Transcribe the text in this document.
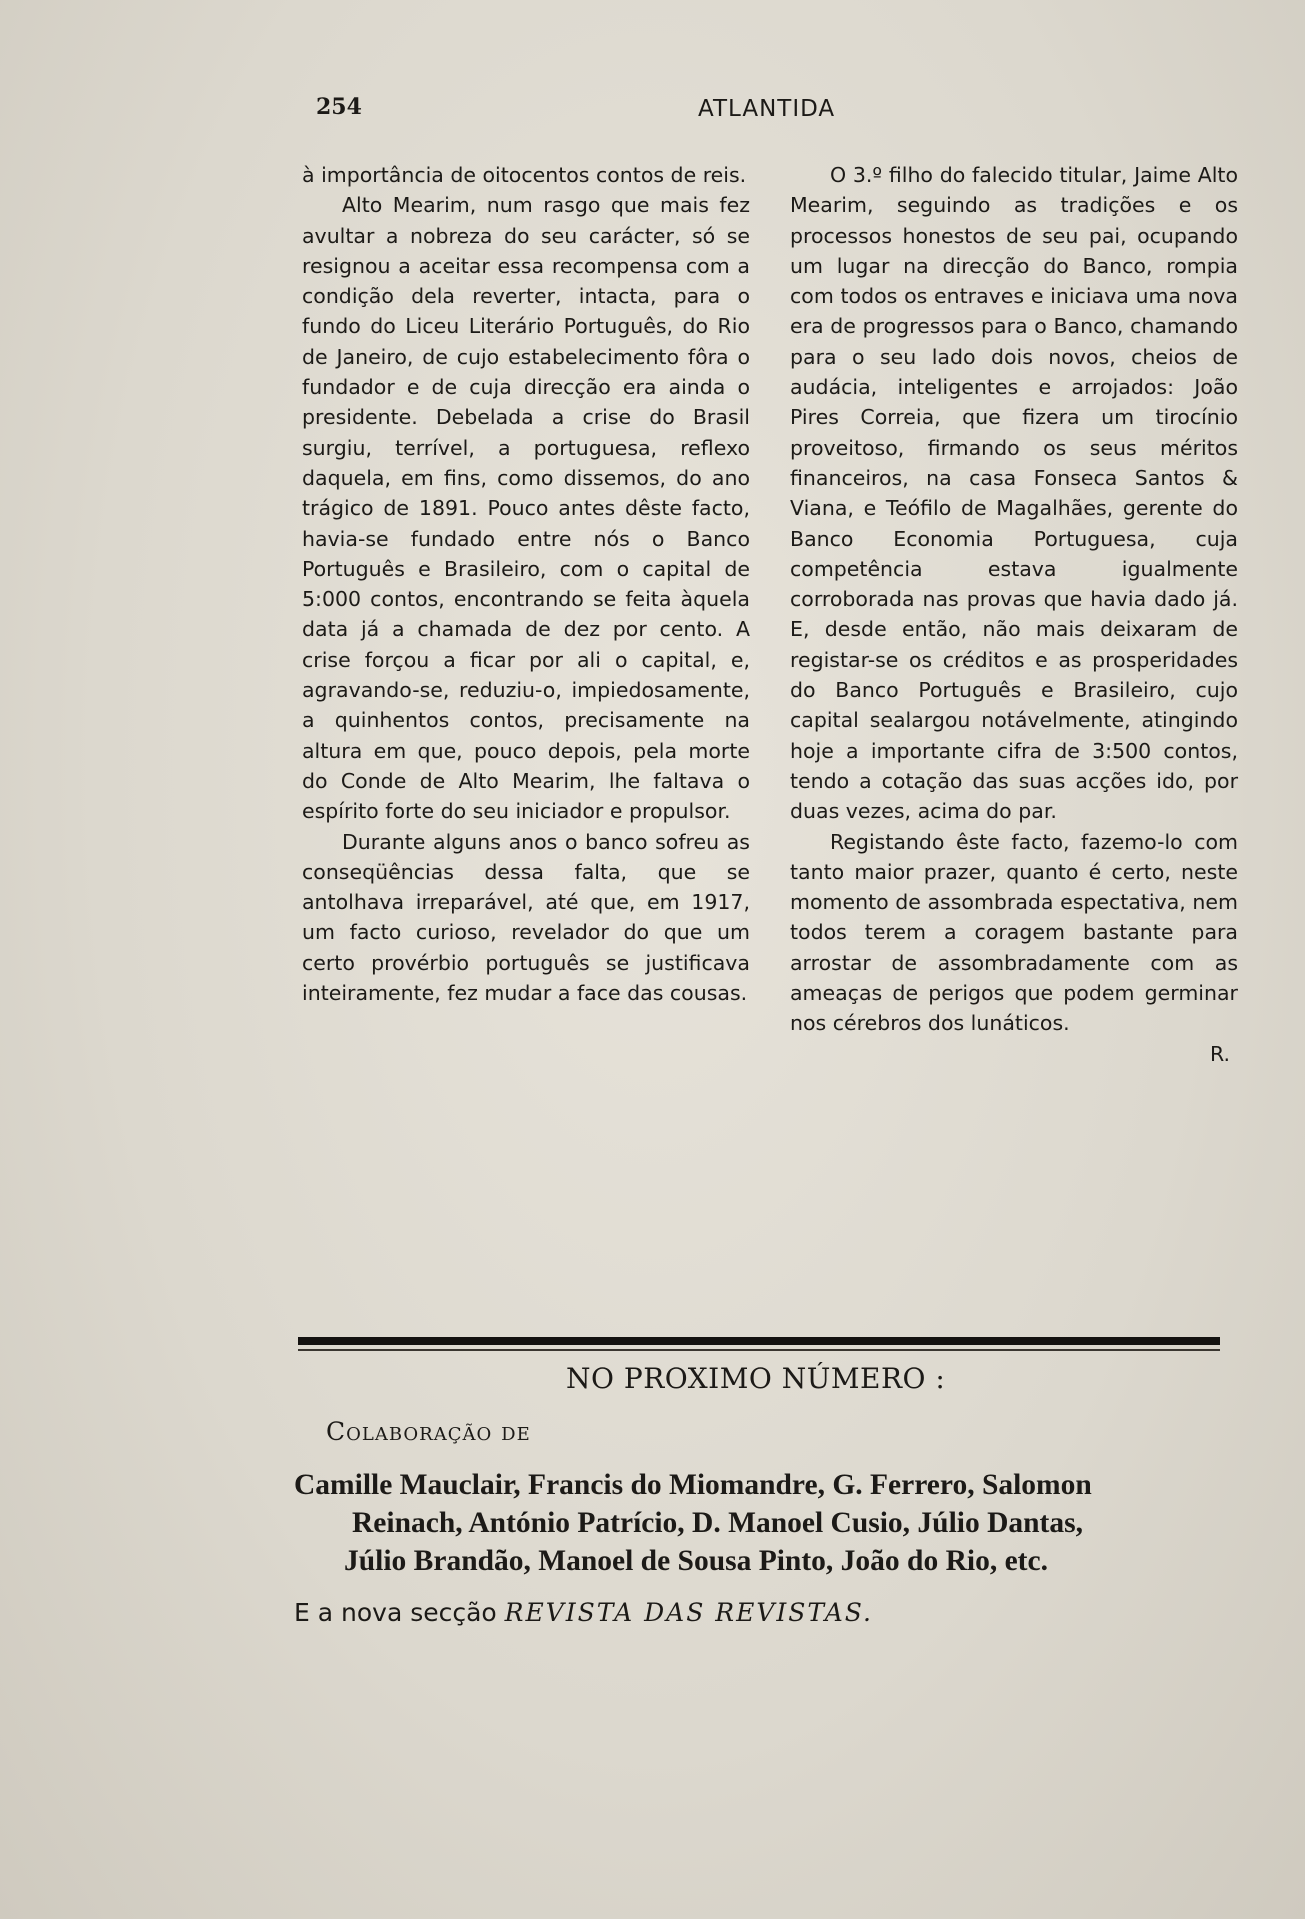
254	ATLANTIDA

à importância de oitocentos contos de reis.

Alto Mearim, num rasgo que mais fez avultar a nobreza do seu carácter, só se resignou a aceitar essa recompensa com a condição dela reverter, intacta, para o fundo do Liceu Literário Português, do Rio de Janeiro, de cujo estabelecimento fôra o fundador e de cuja direcção era ainda o presidente. Debelada a crise do Brasil surgiu, terrível, a portuguesa, reflexo daquela, em fins, como dissemos, do ano trágico de 1891. Pouco antes dêste facto, havia-se fundado entre nós o Banco Português e Brasileiro, com o capital de 5:000 contos, encontrando se feita àquela data já a chamada de dez por cento. A crise forçou a ficar por ali o capital, e, agravando-se, reduziu-o, impiedosamente, a quinhentos contos, precisamente na altura em que, pouco depois, pela morte do Conde de Alto Mearim, lhe faltava o espírito forte do seu iniciador e propulsor.

Durante alguns anos o banco sofreu as conseqüências dessa falta, que se antolhava irreparável, até que, em 1917, um facto curioso, revelador do que um certo provérbio português se justificava inteiramente, fez mudar a face das cousas.

O 3.º filho do falecido titular, Jaime Alto Mearim, seguindo as tradições e os processos honestos de seu pai, ocupando um lugar na direcção do Banco, rompia com todos os entraves e iniciava uma nova era de progressos para o Banco, chamando para o seu lado dois novos, cheios de audácia, inteligentes e arrojados: João Pires Correia, que fizera um tirocínio proveitoso, firmando os seus méritos financeiros, na casa Fonseca Santos & Viana, e Teófilo de Magalhães, gerente do Banco Economia Portuguesa, cuja competência estava igualmente corroborada nas provas que havia dado já. E, desde então, não mais deixaram de registar-se os créditos e as prosperidades do Banco Português e Brasileiro, cujo capital sealargou notávelmente, atingindo hoje a importante cifra de 3:500 contos, tendo a cotação das suas acções ido, por duas vezes, acima do par.

Registando êste facto, fazemo-lo com tanto maior prazer, quanto é certo, neste momento de assombrada espectativa, nem todos terem a coragem bastante para arrostar de assombradamente com as ameaças de perigos que podem germinar nos cérebros dos lunáticos.

R.

NO PROXIMO NÚMERO :
Colaboração de
Camille Mauclair, Francis do Miomandre, G. Ferrero, Salomon
Reinach, António Patrício, D. Manoel Cusio, Júlio Dantas,
Júlio Brandão, Manoel de Sousa Pinto, João do Rio, etc.
E a nova secção REVISTA DAS REVISTAS.
